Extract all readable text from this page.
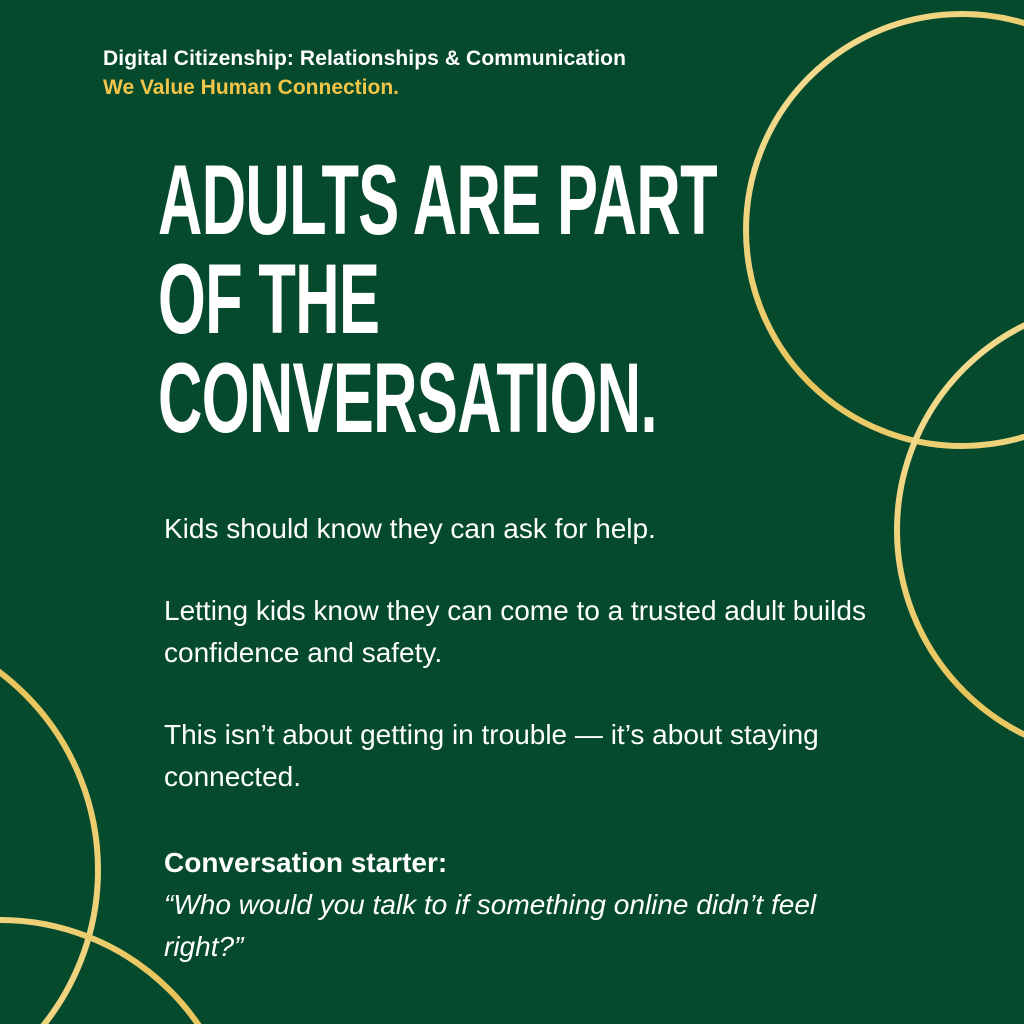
Digital Citizenship: Relationships & Communication
We Value Human Connection.
ADULTS ARE PART
OF THE
CONVERSATION.

Kids should know they can ask for help.

Letting kids know they can come to a trusted adult builds confidence and safety.

This isn’t about getting in trouble — it’s about staying connected.

Conversation starter:
“Who would you talk to if something online didn’t feel right?”
